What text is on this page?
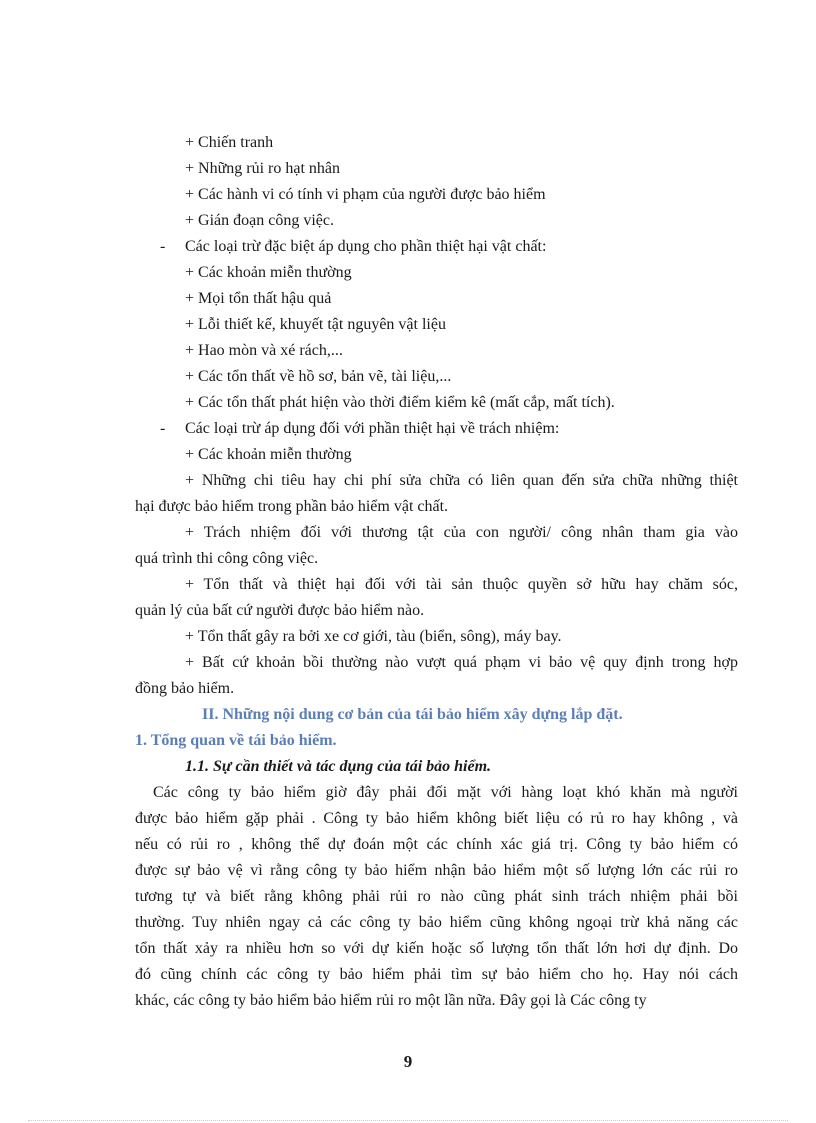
+ Chiến tranh
+ Những rủi ro hạt nhân
+ Các hành vi có tính vi phạm của người được bảo hiểm
+ Gián đoạn công việc.
- Các loại trừ đặc biệt áp dụng cho phần thiệt hại vật chất:
+ Các khoản miễn thường
+ Mọi tổn thất hậu quả
+ Lỗi thiết kế, khuyết tật nguyên vật liệu
+ Hao mòn và xé rách,...
+ Các tổn thất về hồ sơ, bản vẽ, tài liệu,...
+ Các tổn thất phát hiện vào thời điểm kiểm kê (mất cắp, mất tích).
- Các loại trừ áp dụng đối với phần thiệt hại về trách nhiệm:
+ Các khoản miễn thường
+ Những chi tiêu hay chi phí sửa chữa có liên quan đến sửa chữa những thiệt
hại được bảo hiểm trong phần bảo hiểm vật chất.
+ Trách nhiệm đối với thương tật của con người/ công nhân tham gia vào
quá trình thi công công việc.
+ Tổn thất và thiệt hại đối với tài sản thuộc quyền sở hữu hay chăm sóc,
quản lý của bất cứ người được bảo hiểm nào.
+ Tổn thất gây ra bởi xe cơ giới, tàu (biển, sông), máy bay.
+ Bất cứ khoản bồi thường nào vượt quá phạm vi bảo vệ quy định trong hợp
đồng bảo hiểm.
II. Những nội dung cơ bản của tái bảo hiểm xây dựng lắp đặt.
1. Tổng quan về tái bảo hiểm.
1.1. Sự cần thiết và tác dụng của tái bảo hiểm.
Các công ty bảo hiểm giờ đây phải đối mặt với hàng loạt khó khăn mà người
được bảo hiểm gặp phải . Công ty bảo hiểm không biết liệu có rủ ro hay không , và
nếu có rủi ro , không thể dự đoán một các chính xác giá trị. Công ty bảo hiểm có
được sự bảo vệ vì rằng công ty bảo hiểm nhận bảo hiểm một số lượng lớn các rủi ro
tương tự và biết rằng không phải rủi ro nào cũng phát sinh trách nhiệm phải bồi
thường. Tuy nhiên ngay cả các công ty bảo hiểm cũng không ngoại trừ khả năng các
tổn thất xảy ra nhiều hơn so với dự kiến hoặc số lượng tổn thất lớn hơi dự định. Do
đó cũng chính các công ty bảo hiểm phải tìm sự bảo hiểm cho họ. Hay nói cách
khác, các công ty bảo hiểm bảo hiểm rủi ro một lần nữa. Đây gọi là Các công ty
9
